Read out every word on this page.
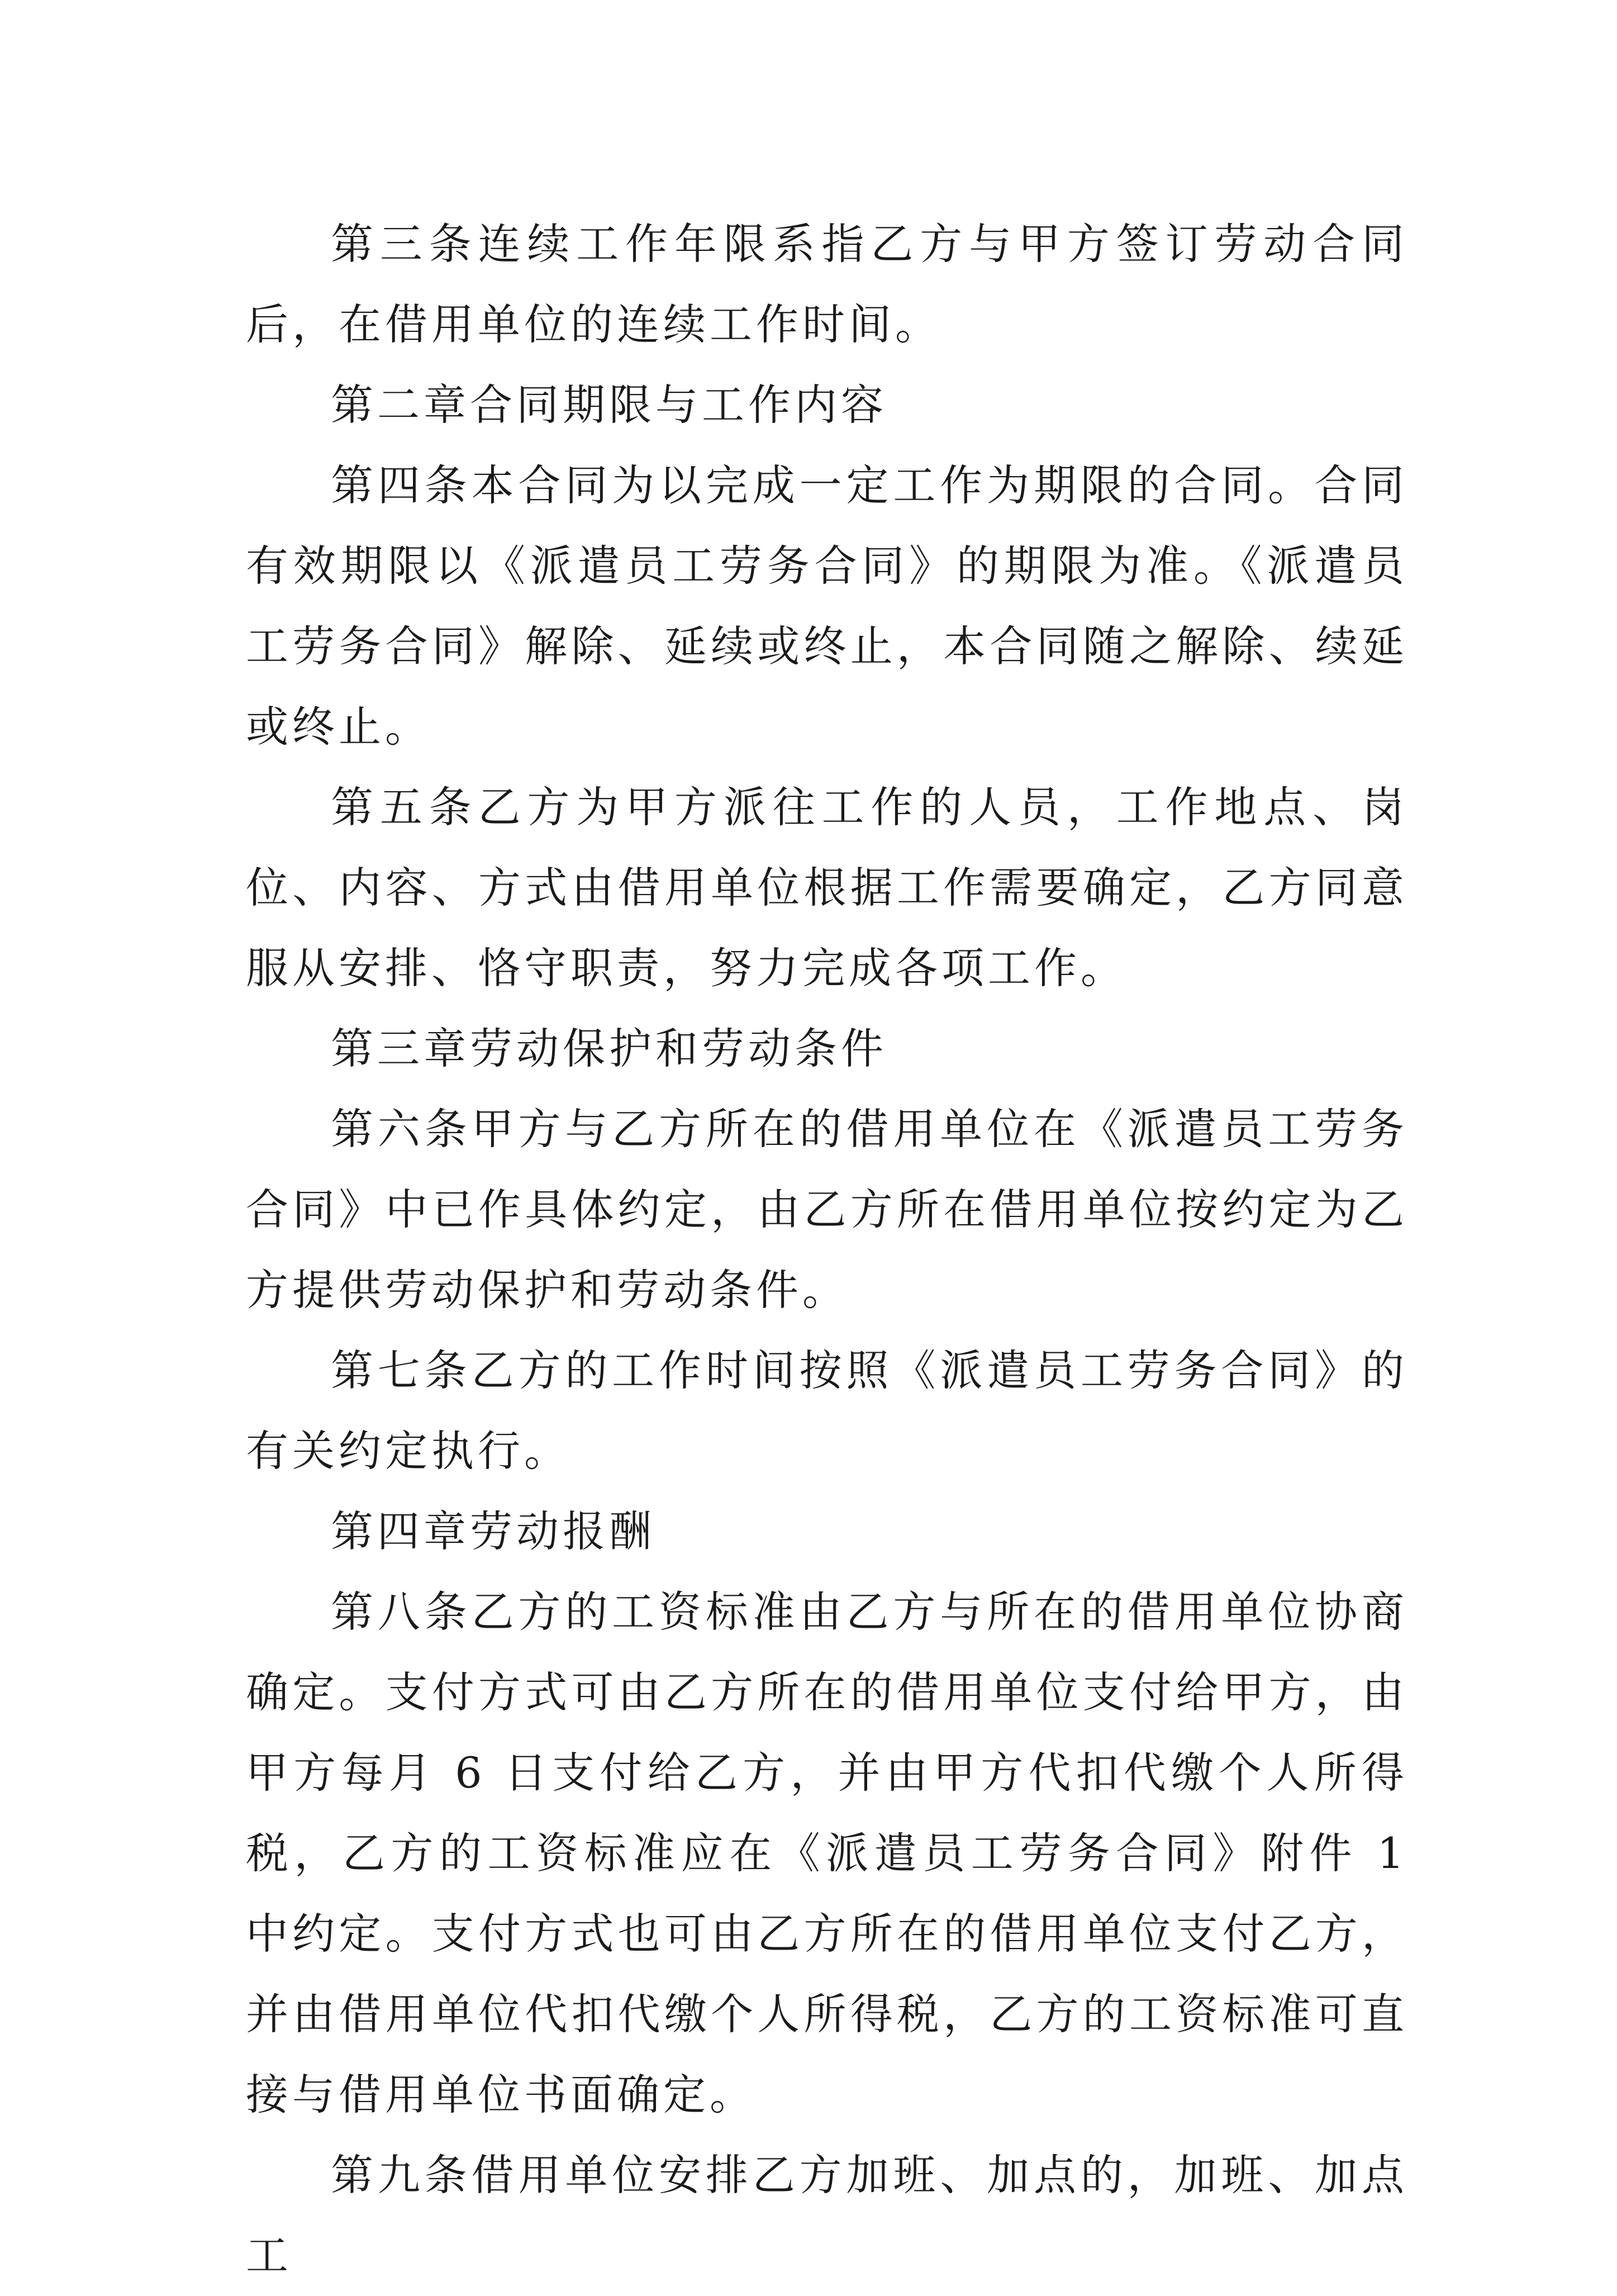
第三条连续工作年限系指乙方与甲方签订劳动合同后，在借用单位的连续工作时间。

第二章合同期限与工作内容

第四条本合同为以完成一定工作为期限的合同。合同有效期限以《派遣员工劳务合同》的期限为准。《派遣员工劳务合同》解除、延续或终止，本合同随之解除、续延或终止。

第五条乙方为甲方派往工作的人员，工作地点、岗位、内容、方式由借用单位根据工作需要确定，乙方同意服从安排、恪守职责，努力完成各项工作。

第三章劳动保护和劳动条件

第六条甲方与乙方所在的借用单位在《派遣员工劳务合同》中已作具体约定，由乙方所在借用单位按约定为乙方提供劳动保护和劳动条件。

第七条乙方的工作时间按照《派遣员工劳务合同》的有关约定执行。

第四章劳动报酬

第八条乙方的工资标准由乙方与所在的借用单位协商确定。支付方式可由乙方所在的借用单位支付给甲方，由甲方每月 6 日支付给乙方，并由甲方代扣代缴个人所得税，乙方的工资标准应在《派遣员工劳务合同》附件 1 中约定。支付方式也可由乙方所在的借用单位支付乙方，并由借用单位代扣代缴个人所得税，乙方的工资标准可直接与借用单位书面确定。

第九条借用单位安排乙方加班、加点的，加班、加点工
